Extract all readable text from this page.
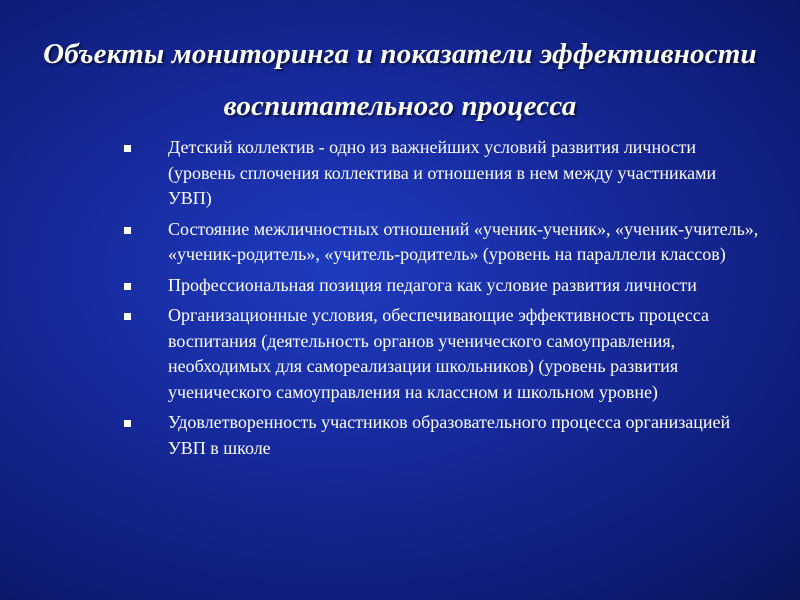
Объекты мониторинга и показатели эффективности воспитательного процесса
Детский коллектив - одно из важнейших условий развития личности (уровень сплочения коллектива и отношения в нем между участниками УВП)
Состояние межличностных отношений «ученик-ученик», «ученик-учитель», «ученик-родитель», «учитель-родитель» (уровень на параллели классов)
Профессиональная позиция педагога как условие развития личности
Организационные условия, обеспечивающие эффективность процесса воспитания (деятельность органов ученического самоуправления, необходимых для самореализации школьников) (уровень развития ученического самоуправления на классном и школьном уровне)
Удовлетворенность участников образовательного процесса организацией УВП в школе
